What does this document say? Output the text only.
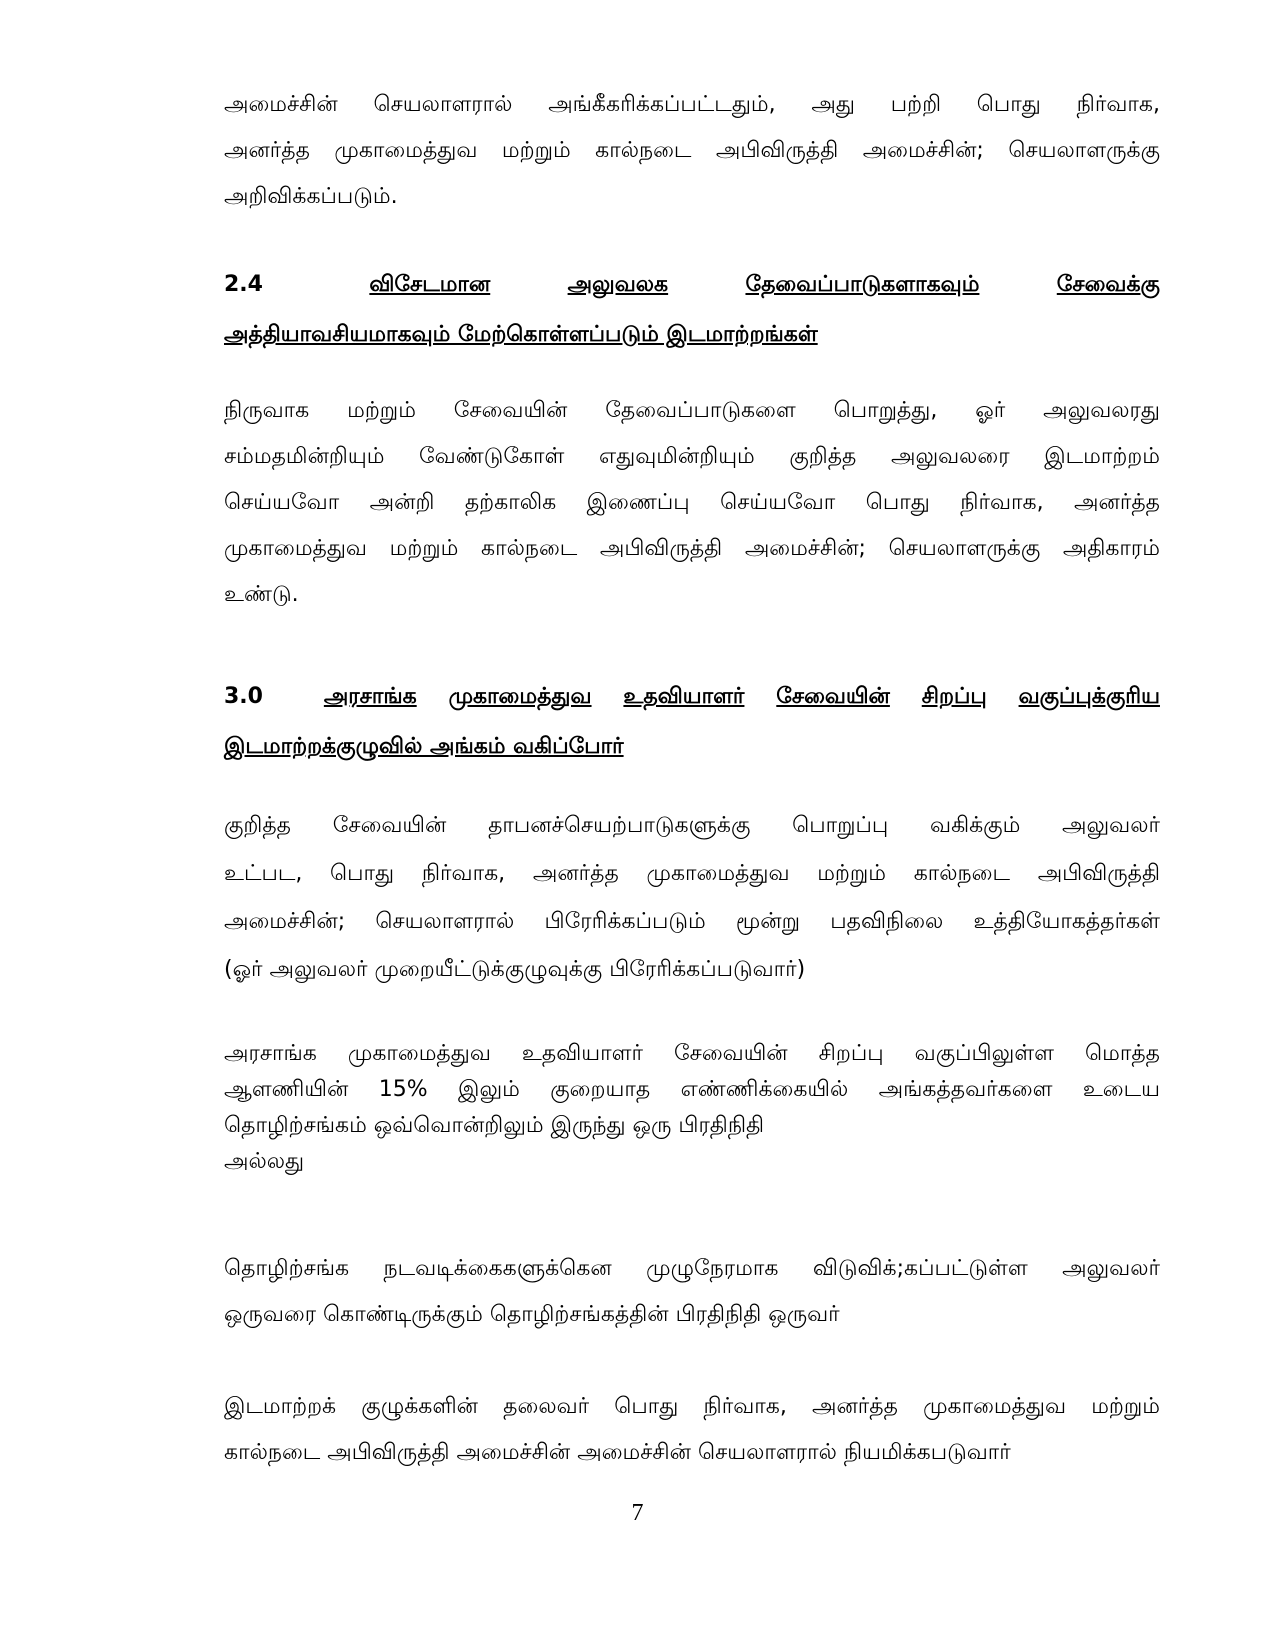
அமைச்சின் செயலாளரால் அங்கீகரிக்கப்பட்டதும், அது பற்றி பொது நிர்வாக,
அனர்த்த முகாமைத்துவ மற்றும் கால்நடை அபிவிருத்தி அமைச்சின்; செயலாளருக்கு
அறிவிக்கப்படும்.
2.4	விசேடமான	அலுவலக	தேவைப்பாடுகளாகவும்	சேவைக்கு
அத்தியாவசியமாகவும் மேற்கொள்ளப்படும் இடமாற்றங்கள்
நிருவாக மற்றும் சேவையின் தேவைப்பாடுகளை பொறுத்து, ஓர் அலுவலரது
சம்மதமின்றியும் வேண்டுகோள் எதுவுமின்றியும் குறித்த அலுவலரை இடமாற்றம்
செய்யவோ அன்றி தற்காலிக இணைப்பு செய்யவோ பொது நிர்வாக, அனர்த்த
முகாமைத்துவ மற்றும் கால்நடை அபிவிருத்தி அமைச்சின்; செயலாளருக்கு அதிகாரம்
உண்டு.
3.0	அரசாங்க முகாமைத்துவ உதவியாளர் சேவையின் சிறப்பு வகுப்புக்குரிய
இடமாற்றக்குழுவில் அங்கம் வகிப்போர்
குறித்த சேவையின் தாபனச்செயற்பாடுகளுக்கு பொறுப்பு வகிக்கும் அலுவலர்
உட்பட, பொது நிர்வாக, அனர்த்த முகாமைத்துவ மற்றும் கால்நடை அபிவிருத்தி
அமைச்சின்; செயலாளரால் பிரேரிக்கப்படும் மூன்று பதவிநிலை உத்தியோகத்தர்கள்
(ஓர் அலுவலர் முறையீட்டுக்குழுவுக்கு பிரேரிக்கப்படுவார்)
அரசாங்க முகாமைத்துவ உதவியாளர் சேவையின் சிறப்பு வகுப்பிலுள்ள மொத்த
ஆளணியின் 15% இலும் குறையாத எண்ணிக்கையில் அங்கத்தவர்களை உடைய
தொழிற்சங்கம் ஒவ்வொன்றிலும் இருந்து ஒரு பிரதிநிதி
அல்லது
தொழிற்சங்க நடவடிக்கைகளுக்கென முழுநேரமாக விடுவிக்;கப்பட்டுள்ள அலுவலர்
ஒருவரை கொண்டிருக்கும் தொழிற்சங்கத்தின் பிரதிநிதி ஒருவர்
இடமாற்றக் குழுக்களின் தலைவர் பொது நிர்வாக, அனர்த்த முகாமைத்துவ மற்றும்
கால்நடை அபிவிருத்தி அமைச்சின் அமைச்சின் செயலாளரால் நியமிக்கபடுவார்
7
